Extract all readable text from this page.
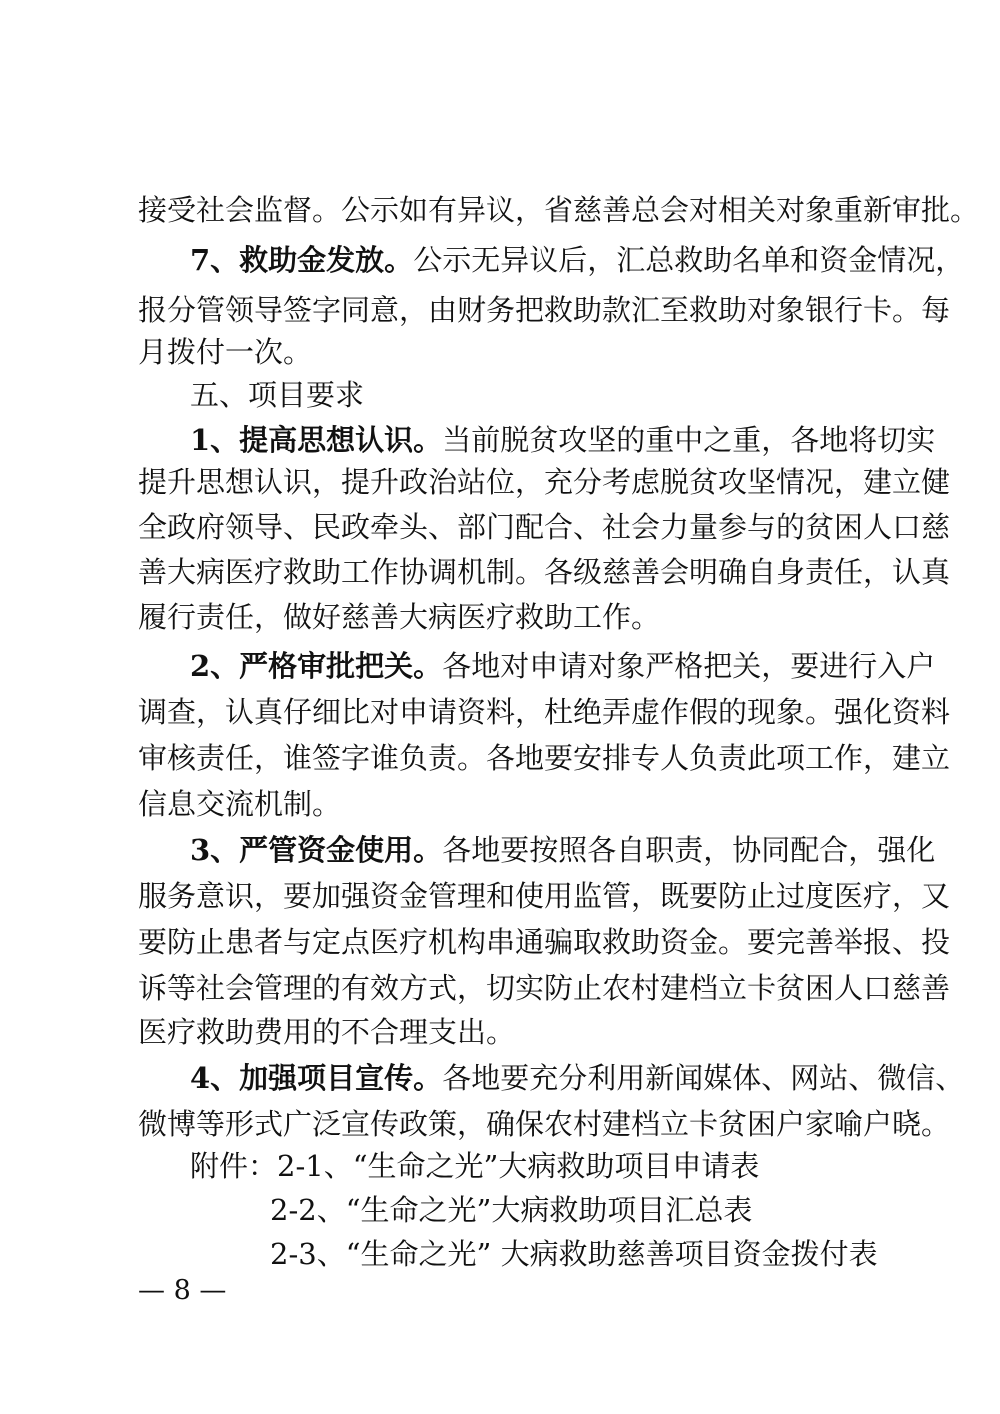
接受社会监督。公示如有异议，省慈善总会对相关对象重新审批。
7、救助金发放。公示无异议后，汇总救助名单和资金情况，
报分管领导签字同意，由财务把救助款汇至救助对象银行卡。每
月拨付一次。
五、项目要求
1、提高思想认识。当前脱贫攻坚的重中之重，各地将切实
提升思想认识，提升政治站位，充分考虑脱贫攻坚情况，建立健
全政府领导、民政牵头、部门配合、社会力量参与的贫困人口慈
善大病医疗救助工作协调机制。各级慈善会明确自身责任，认真
履行责任，做好慈善大病医疗救助工作。
2、严格审批把关。各地对申请对象严格把关，要进行入户
调查，认真仔细比对申请资料，杜绝弄虚作假的现象。强化资料
审核责任，谁签字谁负责。各地要安排专人负责此项工作，建立
信息交流机制。
3、严管资金使用。各地要按照各自职责，协同配合，强化
服务意识，要加强资金管理和使用监管，既要防止过度医疗，又
要防止患者与定点医疗机构串通骗取救助资金。要完善举报、投
诉等社会管理的有效方式，切实防止农村建档立卡贫困人口慈善
医疗救助费用的不合理支出。
4、加强项目宣传。各地要充分利用新闻媒体、网站、微信、
微博等形式广泛宣传政策，确保农村建档立卡贫困户家喻户晓。
附件：2-1、“生命之光”大病救助项目申请表
2-2、“生命之光”大病救助项目汇总表
2-3、“生命之光” 大病救助慈善项目资金拨付表
— 8 —
